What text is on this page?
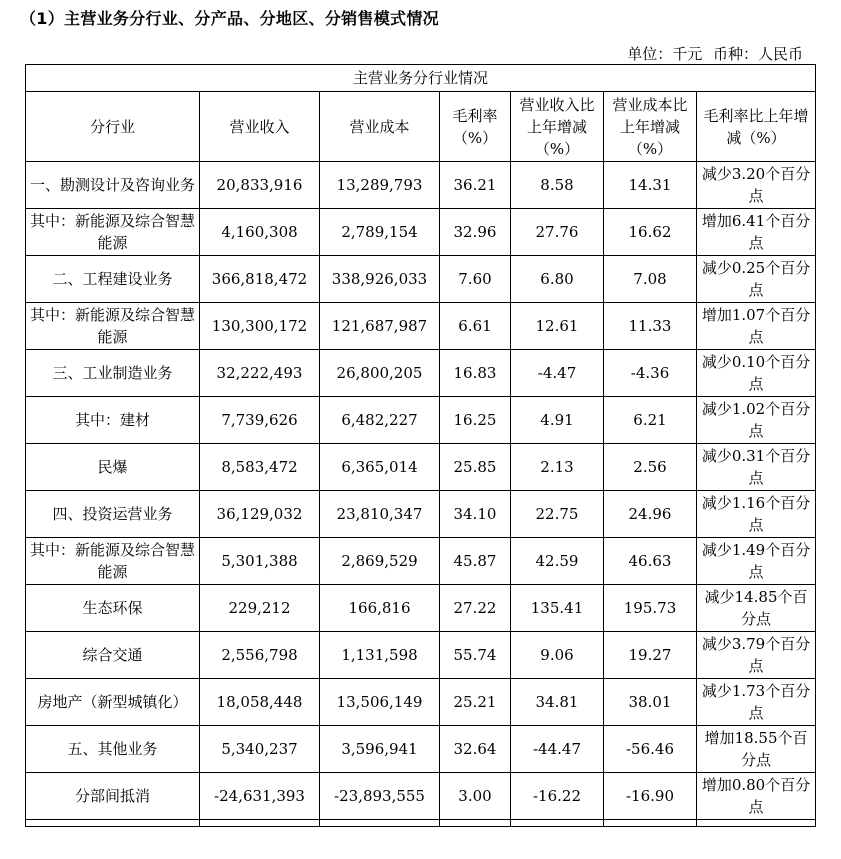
（1）主营业务分行业、分产品、分地区、分销售模式情况
单位：千元 币种：人民币
主营业务分行业情况						
分行业	营业收入	营业成本	毛利率（%）	营业收入比上年增减（%）	营业成本比上年增减（%）	毛利率比上年增减（%）
一、勘测设计及咨询业务	20,833,916	13,289,793	36.21	8.58	14.31	减少3.20个百分点
其中：新能源及综合智慧能源	4,160,308	2,789,154	32.96	27.76	16.62	增加6.41个百分点
二、工程建设业务	366,818,472	338,926,033	7.60	6.80	7.08	减少0.25个百分点
其中：新能源及综合智慧能源	130,300,172	121,687,987	6.61	12.61	11.33	增加1.07个百分点
三、工业制造业务	32,222,493	26,800,205	16.83	-4.47	-4.36	减少0.10个百分点
其中：建材	7,739,626	6,482,227	16.25	4.91	6.21	减少1.02个百分点
民爆	8,583,472	6,365,014	25.85	2.13	2.56	减少0.31个百分点
四、投资运营业务	36,129,032	23,810,347	34.10	22.75	24.96	减少1.16个百分点
其中：新能源及综合智慧能源	5,301,388	2,869,529	45.87	42.59	46.63	减少1.49个百分点
生态环保	229,212	166,816	27.22	135.41	195.73	减少14.85个百分点
综合交通	2,556,798	1,131,598	55.74	9.06	19.27	减少3.79个百分点
房地产（新型城镇化）	18,058,448	13,506,149	25.21	34.81	38.01	减少1.73个百分点
五、其他业务	5,340,237	3,596,941	32.64	-44.47	-56.46	增加18.55个百分点
分部间抵消	-24,631,393	-23,893,555	3.00	-16.22	-16.90	增加0.80个百分点
